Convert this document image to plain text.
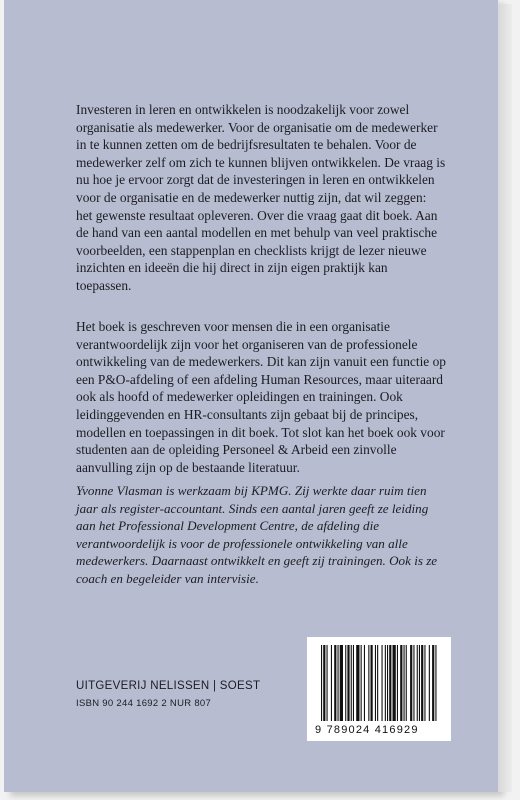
Investeren in leren en ontwikkelen is noodzakelijk voor zowel organisatie als medewerker. Voor de organisatie om de medewerker in te kunnen zetten om de bedrijfsresultaten te behalen. Voor de medewerker zelf om zich te kunnen blijven ontwikkelen. De vraag is nu hoe je ervoor zorgt dat de investeringen in leren en ontwikkelen voor de organisatie en de medewerker nuttig zijn, dat wil zeggen: het gewenste resultaat opleveren. Over die vraag gaat dit boek. Aan de hand van een aantal modellen en met behulp van veel praktische voorbeelden, een stappenplan en checklists krijgt de lezer nieuwe inzichten en ideeën die hij direct in zijn eigen praktijk kan toepassen.

Het boek is geschreven voor mensen die in een organisatie verantwoordelijk zijn voor het organiseren van de professionele ontwikkeling van de medewerkers. Dit kan zijn vanuit een functie op een P&O-afdeling of een afdeling Human Resources, maar uiteraard ook als hoofd of medewerker opleidingen en trainingen. Ook leidinggevenden en HR-consultants zijn gebaat bij de principes, modellen en toepassingen in dit boek. Tot slot kan het boek ook voor studenten aan de opleiding Personeel & Arbeid een zinvolle aanvulling zijn op de bestaande literatuur.

Yvonne Vlasman is werkzaam bij KPMG. Zij werkte daar ruim tien jaar als register-accountant. Sinds een aantal jaren geeft ze leiding aan het Professional Development Centre, de afdeling die verantwoordelijk is voor de professionele ontwikkeling van alle medewerkers. Daarnaast ontwikkelt en geeft zij trainingen. Ook is ze coach en begeleider van intervisie.

UITGEVERIJ NELISSEN | SOEST
ISBN 90 244 1692 2 NUR 807
9 789024 416929
